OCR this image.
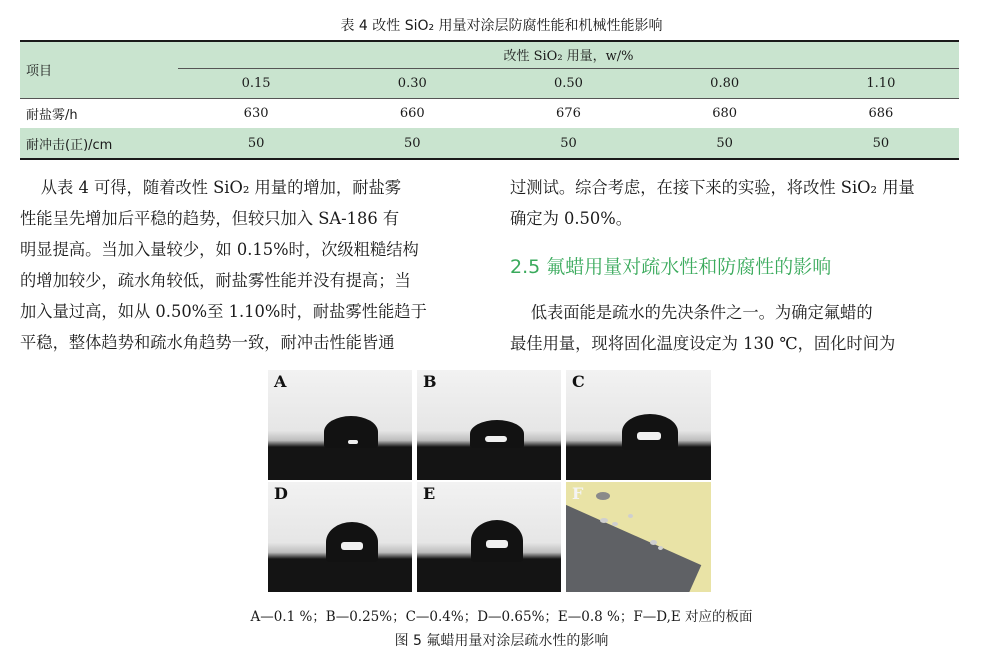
表 4 改性 SiO₂ 用量对涂层防腐性能和机械性能影响
项目	改性 SiO₂ 用量，w/%				
	0.15	0.30	0.50	0.80	1.10
耐盐雾/h	630	660	676	680	686
耐冲击(正)/cm	50	50	50	50	50
从表 4 可得，随着改性 SiO₂ 用量的增加，耐盐雾
性能呈先增加后平稳的趋势，但较只加入 SA-186 有
明显提高。当加入量较少，如 0.15%时，次级粗糙结构
的增加较少，疏水角较低，耐盐雾性能并没有提高；当
加入量过高，如从 0.50%至 1.10%时，耐盐雾性能趋于
平稳，整体趋势和疏水角趋势一致，耐冲击性能皆通
过测试。综合考虑，在接下来的实验，将改性 SiO₂ 用量
确定为 0.50%。
2.5 氟蜡用量对疏水性和防腐性的影响
低表面能是疏水的先决条件之一。为确定氟蜡的
最佳用量，现将固化温度设定为 130 ℃，固化时间为
A	B	C
D	E	F
A—0.1 %；B—0.25%；C—0.4%；D—0.65%；E—0.8 %；F—D,E 对应的板面
图 5 氟蜡用量对涂层疏水性的影响
